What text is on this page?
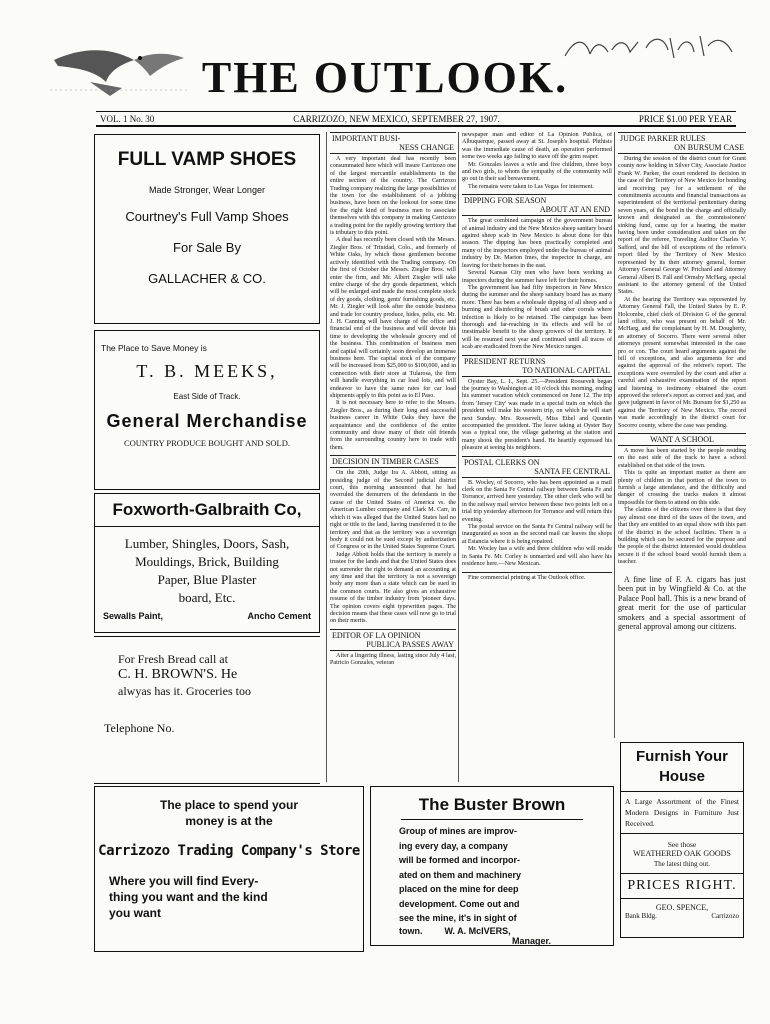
THE OUTLOOK.
VOL. 1 No. 30	CARRIZOZO, NEW MEXICO, SEPTEMBER 27, 1907.	PRICE $1.00 PER YEAR
FULL VAMP SHOES
Made Stronger, Wear Longer
Courtney's Full Vamp Shoes
For Sale By
GALLACHER & CO.
The Place to Save Money is
T. B. MEEKS,
East Side of Track.
General Merchandise
COUNTRY PRODUCE BOUGHT AND SOLD.
Foxworth-Galbraith Co,
Lumber, Shingles, Doors, Sash,
Mouldings, Brick, Building
Paper, Blue Plaster
board, Etc.
Sewalls Paint,	Ancho Cement
For Fresh Bread call at
C. H. BROWN'S. He
alwyas has it. Groceries too
Telephone No.
IMPORTANT BUSI-
NESS CHANGE

A very important deal has recently been consummated here which will insure Carrizozo one of the largest mercantile establishments in the entire section of the country. The Carrizozo Trading company realizing the large possibilities of the town for the establishment of a jobbing business, have been on the lookout for some time for the right kind of business men to associate themselves with this company in making Carrizozo a trading point for the rapidly growing territory that is tributary to this point.

A deal has recently been closed with the Messrs. Ziegler Bros. of Trinidad, Colo., and formerly of White Oaks, by which those gentlemen become actively identified with the Trading company. On the first of October the Messrs. Ziegler Bros. will enter the firm, and Mr. Albert Ziegler will take entire charge of the dry goods department, which will be enlarged and made the most complete stock of dry goods, clothing, gents' furnishing goods, etc. Mr. J. Ziegler will look after the outside business and trade for country produce, hides, pelts, etc. Mr. J. H. Canning will have charge of the office and financial end of the business and will devote his time to developing the wholesale grocery end of the business. This combination of business men and capital will certainly soon develop an immense business here. The capital stock of the company will be increased from $25,000 to $100,000, and in connection with their store at Tularosa, the firm will handle everything in car load lots, and will endeavor to have the same rates for car load shipments apply to this point as to El Paso.

It is not necessary here to refer to the Messrs. Ziegler Bros., as during their long and successful business career in White Oaks they have the acquaintance and the confidence of the entire community and draw many of their old friends from the surrounding country here to trade with them.

DECISION IN TIMBER CASES

On the 20th, Judge Ira A. Abbott, sitting as presiding judge of the Second judicial district court, this morning announced that he had overruled the demurrers of the defendants in the cause of the United States of America vs. the American Lumber company and Clark M. Carr, in which it was alleged that the United States had no right or title to the land, having transferred it to the territory and that as the territory was a sovereign body it could not be sued except by authorization of Congress or in the United States Supreme Court.

Judge Abbott holds that the territory is merely a trustee for the lands and that the United States does not surrender the right to demand an accounting at any time and that the territory is not a sovereign body any more than a state which can be sued in the common courts. He also gives an exhaustive resume of the timber industry from 'pioneer days. The opinion covers eight typewritten pages. The decision means that these cases will now go to trial on their merits.

EDITOR OF LA OPINION
PUBLICA PASSES AWAY

After a lingering illness, lasting since July 4 last, Patricio Gonzales, veteran

newspaper man and editor of La Opinion Publica, of Albuquerque, passed away at St. Joseph's hospital. Phthisis was the immediate cause of death, an operation performed some two weeks ago failing to stave off the grim reaper.

Mr. Gonzales leaves a wife and five children, three boys and two girls, to whom the sympathy of the community will go out in their sad bereavement.

The remains were taken to Las Vegas for interment.

DIPPING FOR SEASON
ABOUT AT AN END

The great combined campaign of the government bureau of animal industry and the New Mexico sheep sanitary board against sheep scab in New Mexico is about done for this season. The dipping has been practically completed and many of the inspectors employed under the bureau of animal industry by Dr. Marion Imes, the inspector in charge, are leaving for their homes in the east.

Several Kansas City men who have been working as inspectors during the summer have left for their homes.

The government has had fifty inspectors in New Mexico during the summer and the sheep sanitary board has as many more. There has been a wholesale dipping of all sheep and a burning and disinfecting of brush and other corrals where infection is likely to be retained. The campaign has been thorough and far-reaching in its effects and will be of inestimable benefit to the sheep growers of the territory. It will be resumed next year and continued until all traces of scab are eradicated from the New Mexico ranges.

PRESIDENT RETURNS
TO NATIONAL CAPITAL

Oyster Bay, L. I., Sept. 25.—President Roosevelt began the journey to Washington at 10 o'clock this morning, ending his summer vacation which commenced on June 12. The trip from 'Jersey City' was made in a special train on which the president will make his western trip, on which he will start next Sunday. Mrs. Roosevelt, Miss Ethel and Quentin accompanied the president. The leave taking at Oyster Bay was a typical one, the village gathering at the station and many shook the president's hand. He heartily expressed his pleasure at seeing his neighbors.

POSTAL CLERKS ON
SANTA FE CENTRAL

B. Wocley, of Socorro, who has been appointed as a mail clerk on the Santa Fe Central railway between Santa Fe and Torrance, arrived here yesterday. The other clerk who will be in the railway mail service between these two points left on a trial trip yesterday afternoon for Torrance and will return this evening.

The postal service on the Santa Fe Central railway will be inaugurated as soon as the second mail car leaves the shops at Estancia where it is being repaired.

Mr. Wocley has a wife and three children who will reside in Santa Fe. Mr. Corley is unmarried and will also have his residence here.—New Mexican.

Fine commercial printing at The Outlook office.

JUDGE PARKER RULES
ON BURSUM CASE

During the session of the district court for Grant county now holding in Silver City, Associate Justice Frank W. Parker, the court rendered its decision in the case of the Territory of New Mexico for bonding and receiving pay for a settlement of the commitments accounts and financial transactions as superintendent of the territorial penitentiary during seven years, of the bond in the charge and officially known and designated as the commissioners' sinking fund, came up for a hearing, the matter having been under consideration and taken on the report of the referee, Traveling Auditor Charles V. Safford, and the bill of exceptions of the referee's report filed by the Territory of New Mexico represented by its then attorney general, former Attorney General George W. Prichard and Attorney General Albert B. Fall and Ormsby McHarg, special assistant to the attorney general of the United States.

At the hearing the Territory was represented by Attorney General Fall, the United States by E. P. Holcombe, chief clerk of Division G of the general land office, who was present on behalf of Mr. McHarg, and the complainant by H. M. Dougherty, an attorney of Socorro. There were several other attorneys present somewhat interested in the case pro or con. The court heard arguments against the bill of exceptions, and also arguments for and against the approval of the referee's report. The exceptions were overruled by the court and after a careful and exhaustive examination of the report and listening to testimony obtained the court approved the referee's report as correct and just, and gave judgment in favor of Mr. Bursum for $1,250 as against the Territory of New Mexico. The record was made accordingly in the district court for Socorro county, where the case was pending.

WANT A SCHOOL

A move has been started by the people residing on the east side of the track to have a school established on that side of the town.

This is quite an important matter as there are plenty of children in that portion of the town to furnish a large attendance, and the difficulty and danger of crossing the tracks makes it almost impossible for them to attend on this side.

The claims of the citizens over there is that they pay almost one third of the taxes of the town, and that they are entitled to an equal show with this part of the district in the school facilities. There is a building which can be secured for the purpose and the people of the district interested would doubtless secure it if the school board would furnish them a teacher.

A fine line of F. A. cigars has just been put in by Wingfield & Co. at the Palace Pool hall. This is a new brand of great merit for the use of particular smokers and a special assortment of general approval among our citizens.

The place to spend your
money is at the
Carrizozo Trading Company's Store
Where you will find Every-
thing you want and the kind
you want
The Buster Brown
Group of mines are improv-
ing every day, a company
will be formed and incorpor-
ated on them and machinery
placed on the mine for deep
development. Come out and
see the mine, it's in sight of
town. W. A. McIVERS,
Manager.
Furnish Your
House
A Large Assortment of the Finest Modern Designs in Furniture Just Received.
See those
WEATHERED OAK GOODS
The latest thing out.
PRICES RIGHT.
GEO. SPENCE,
Bank Bldg.	Carrizozo
